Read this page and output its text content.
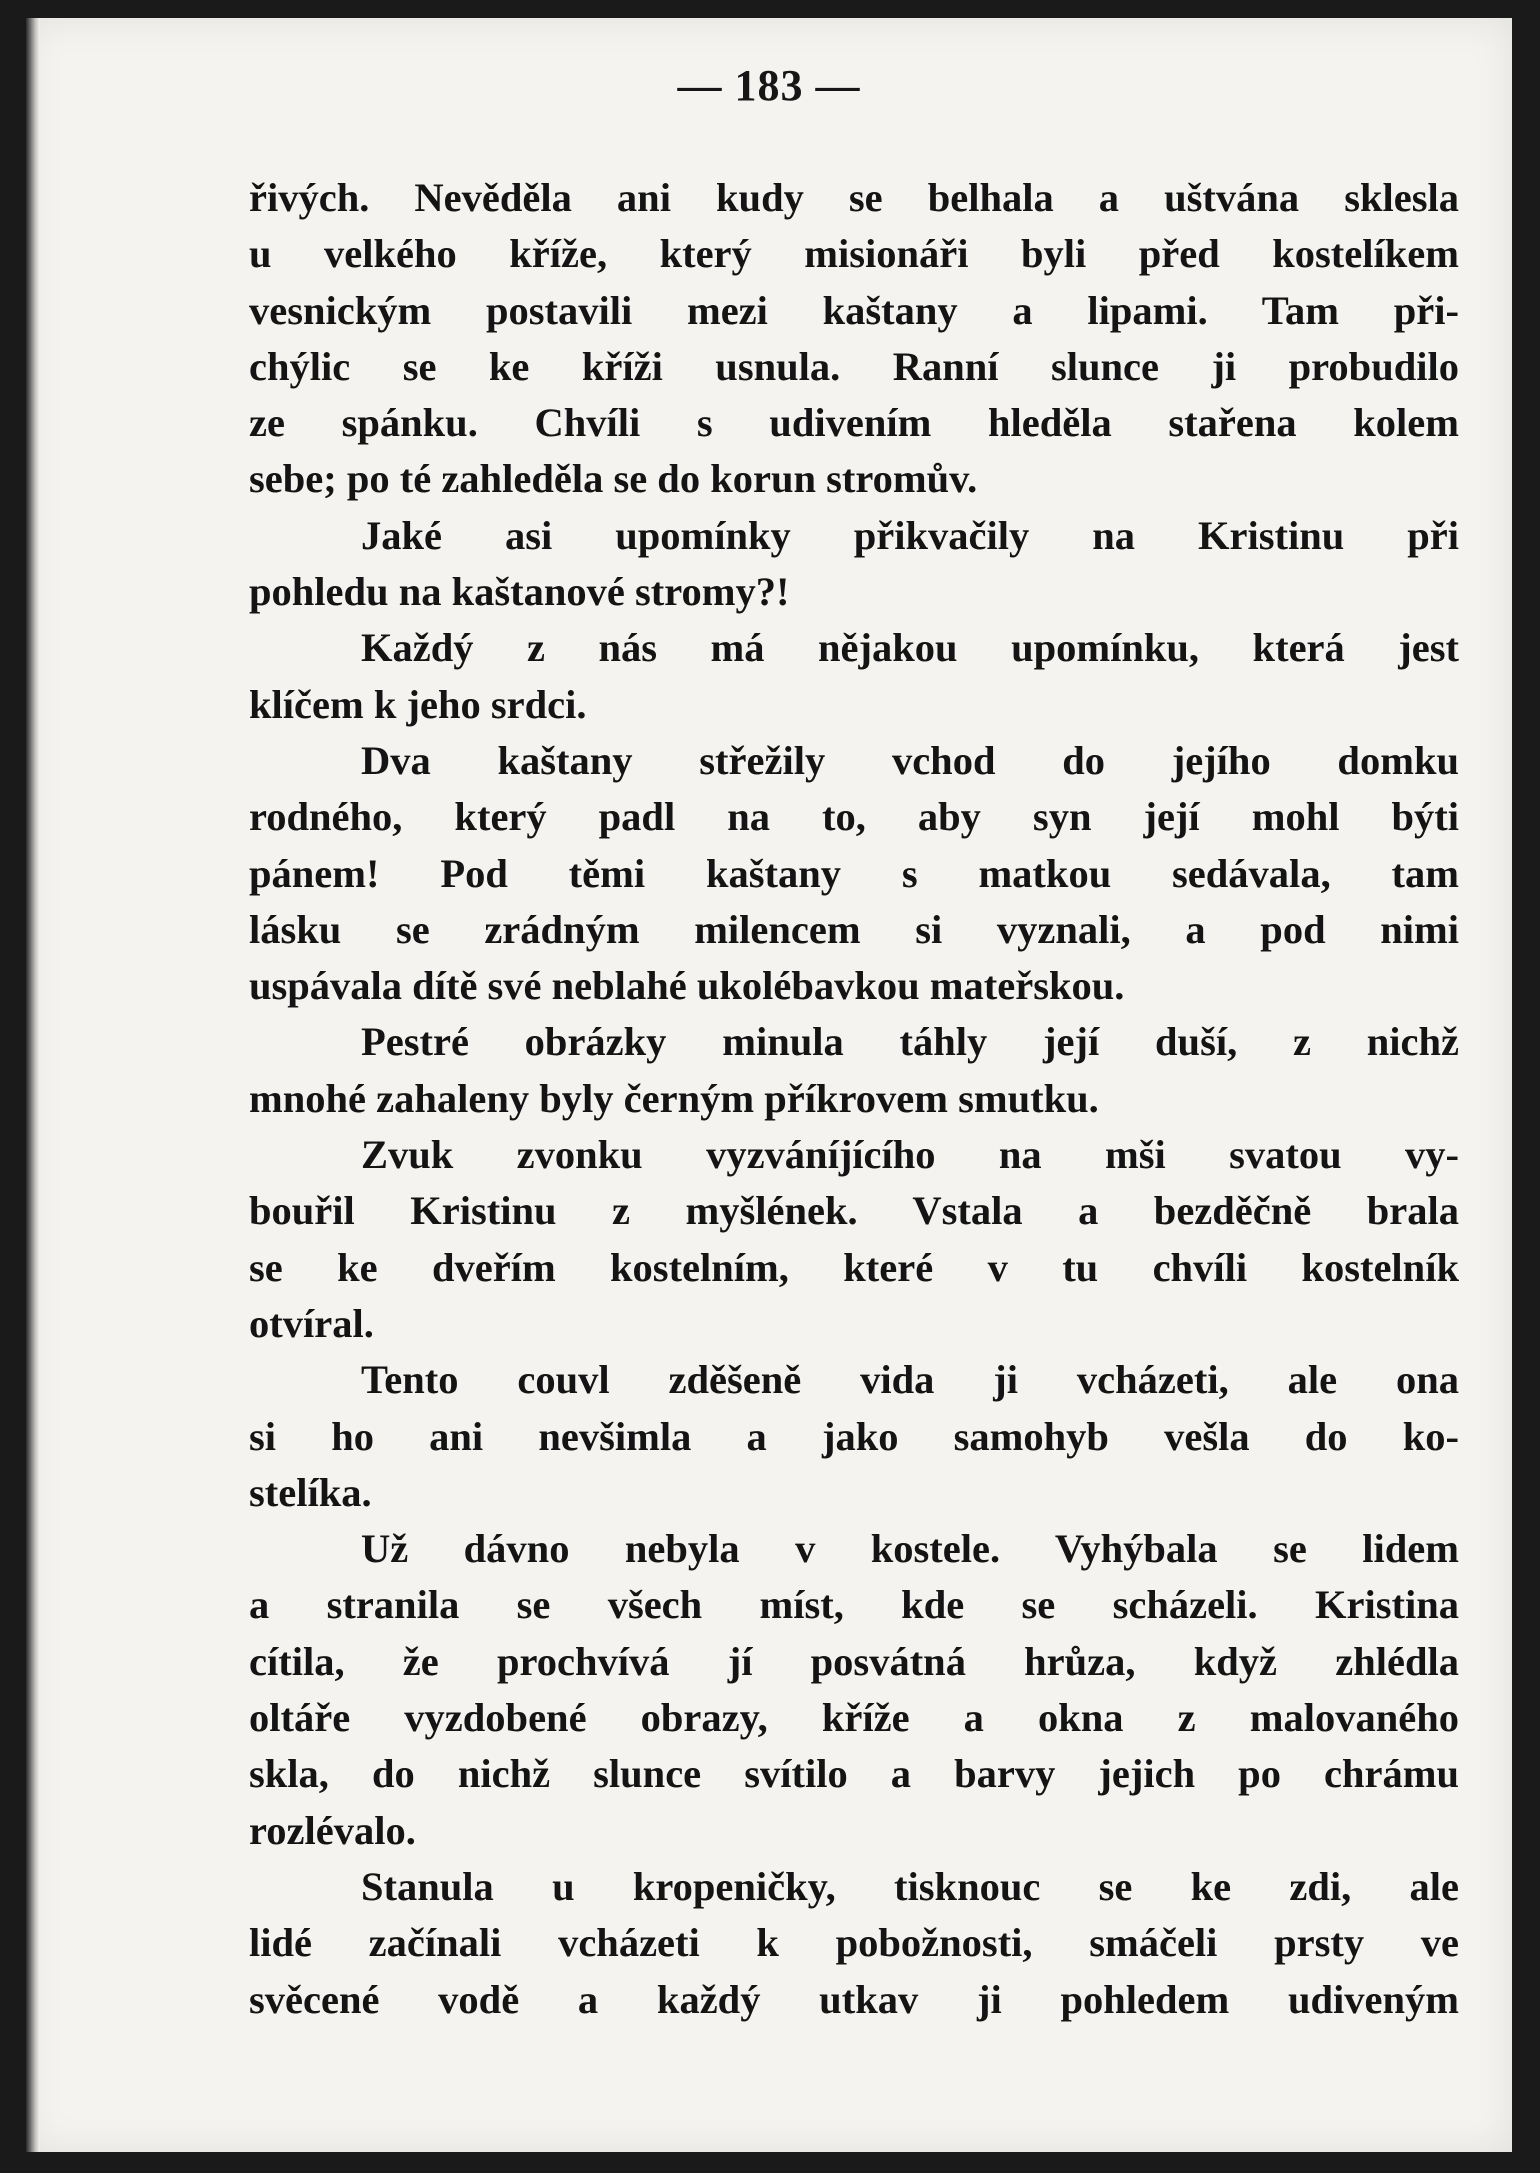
— 183 —
řivých. Nevěděla ani kudy se belhala a uštvána sklesla
u velkého kříže, který misionáři byli před kostelíkem
vesnickým postavili mezi kaštany a lipami. Tam při-
chýlic se ke kříži usnula. Ranní slunce ji probudilo
ze spánku. Chvíli s udivením hleděla stařena kolem
sebe; po té zahleděla se do korun stromův.
Jaké asi upomínky přikvačily na Kristinu při
pohledu na kaštanové stromy?!
Každý z nás má nějakou upomínku, která jest
klíčem k jeho srdci.
Dva kaštany střežily vchod do jejího domku
rodného, který padl na to, aby syn její mohl býti
pánem! Pod těmi kaštany s matkou sedávala, tam
lásku se zrádným milencem si vyznali, a pod nimi
uspávala dítě své neblahé ukolébavkou mateřskou.
Pestré obrázky minula táhly její duší, z nichž
mnohé zahaleny byly černým příkrovem smutku.
Zvuk zvonku vyzváníjícího na mši svatou vy-
bouřil Kristinu z myšlének. Vstala a bezděčně brala
se ke dveřím kostelním, které v tu chvíli kostelník
otvíral.
Tento couvl zděšeně vida ji vcházeti, ale ona
si ho ani nevšimla a jako samohyb vešla do ko-
stelíka.
Už dávno nebyla v kostele. Vyhýbala se lidem
a stranila se všech míst, kde se scházeli. Kristina
cítila, že prochvívá jí posvátná hrůza, když zhlédla
oltáře vyzdobené obrazy, kříže a okna z malovaného
skla, do nichž slunce svítilo a barvy jejich po chrámu
rozlévalo.
Stanula u kropeničky, tisknouc se ke zdi, ale
lidé začínali vcházeti k pobožnosti, smáčeli prsty ve
svěcené vodě a každý utkav ji pohledem udiveným
